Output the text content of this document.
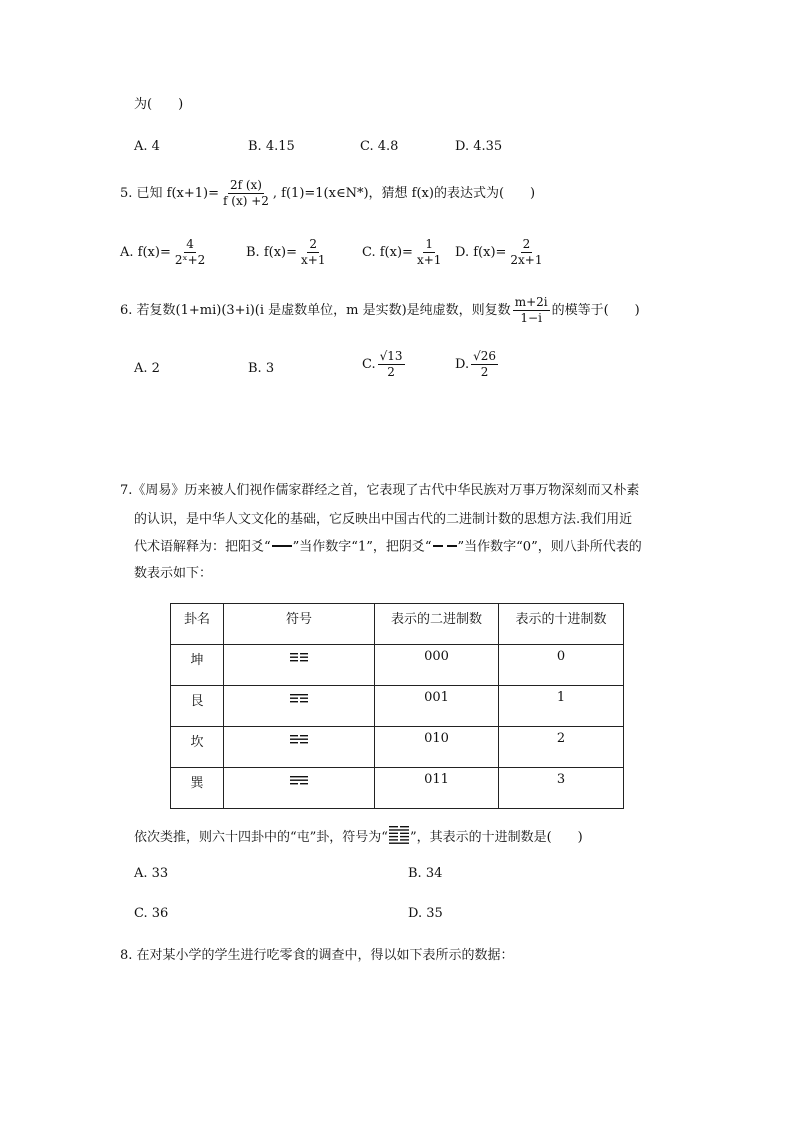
为( )
A. 4	B. 4.15	C. 4.8	D. 4.35
5. 已知 $f(x+1)= \frac{2f (x)}{f (x) +2}$ , f(1)=1(x∈N*)，猜想 f(x)的表达式为( )
A. $f(x)= \frac{4}{\text{2ˣ+2}}$	B. $f(x)= \frac{2}{x+1}$	C. $f(x)= \frac{1}{x+1} D$. $f(x)= \frac{2}{2x+1}$
6. 若复数(1+mi)(3+i)(i 是虚数单位，m 是实数)是纯虚数，则复数 $\frac{m+2i}{1-i}$ 的模等于( )
A. 2	B. 3	C. $\frac{√13}{2}$	D. $\frac{√26}{2}$
7.《周易》历来被人们视作儒家群经之首，它表现了古代中华民族对万事万物深刻而又朴素
的认识，是中华人文文化的基础，它反映出中国古代的二进制计数的思想方法.我们用近
代术语解释为：把阳爻“ ”当作数字“1”，把阴爻“ ”当作数字“0”，则八卦所代表的
数表示如下：
卦名	符号	表示的二进制数	表示的十进制数
坤		000	0
艮		001	1
坎		010	2
巽		011	3
依次类推，则六十四卦中的“屯”卦，符号为“ ”，其表示的十进制数是( )
A. 33	B. 34
C. 36	D. 35
8. 在对某小学的学生进行吃零食的调查中，得以如下表所示的数据：
